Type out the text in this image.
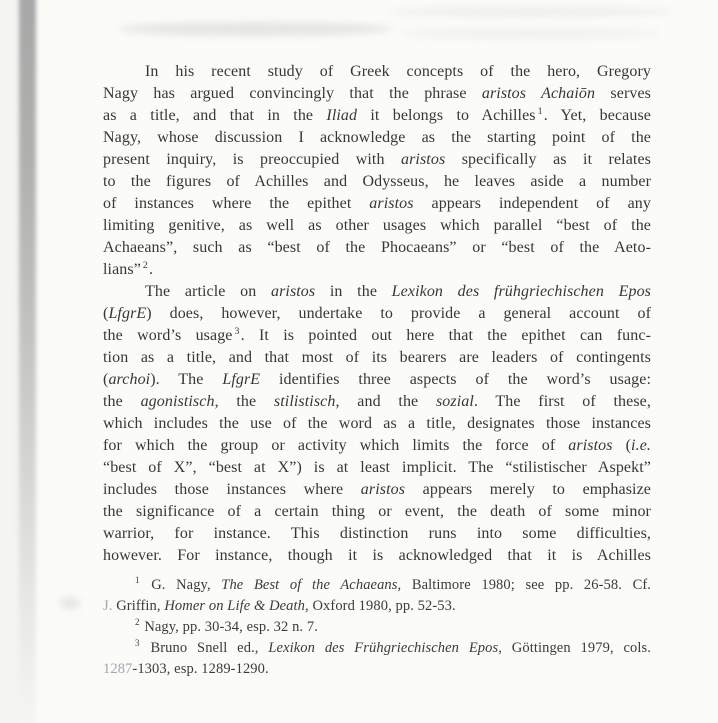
In his recent study of Greek concepts of the hero, Gregory
Nagy has argued convincingly that the phrase aristos Achaiōn serves
as a title, and that in the Iliad it belongs to Achilles $^1$. Yet, because
Nagy, whose discussion I acknowledge as the starting point of the
present inquiry, is preoccupied with aristos specifically as it relates
to the figures of Achilles and Odysseus, he leaves aside a number
of instances where the epithet aristos appears independent of any
limiting genitive, as well as other usages which parallel “best of the
Achaeans”, such as “best of the Phocaeans” or “best of the Aeto-
lians” $^2$.
The article on aristos in the Lexikon des frühgriechischen Epos
(LfgrE) does, however, undertake to provide a general account of
the word’s usage $^3$. It is pointed out here that the epithet can func-
tion as a title, and that most of its bearers are leaders of contingents
(archoi). The LfgrE identifies three aspects of the word’s usage:
the agonistisch, the stilistisch, and the sozial. The first of these,
which includes the use of the word as a title, designates those instances
for which the group or activity which limits the force of aristos (i.e.
“best of X”, “best at X”) is at least implicit. The “stilistischer Aspekt”
includes those instances where aristos appears merely to emphasize
the significance of a certain thing or event, the death of some minor
warrior, for instance. This distinction runs into some difficulties,
however. For instance, though it is acknowledged that it is Achilles
$^1$ G. Nagy, The Best of the Achaeans, Baltimore 1980; see pp. 26-58. Cf.
J. Griffin, Homer on Life & Death, Oxford 1980, pp. 52-53.
$^2$ Nagy, pp. 30-34, esp. 32 n. 7.
$^3$ Bruno Snell ed., Lexikon des Frühgriechischen Epos, Göttingen 1979, cols.
1287-1303, esp. 1289-1290.
